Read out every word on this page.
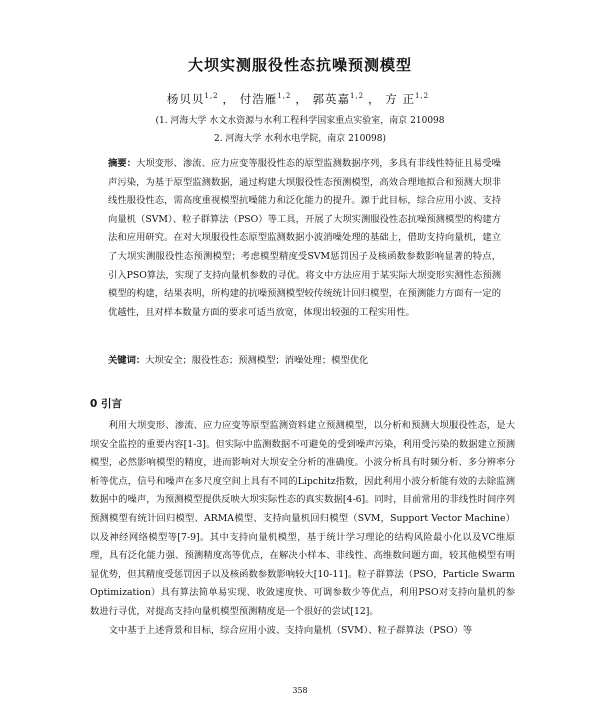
大坝实测服役性态抗噪预测模型
杨贝贝$^{1,2}$ ， 付浩雁$^{1,2}$ ， 郭英嘉$^{1,2}$ ， 方 正$^{1,2}$
(1. 河海大学 水文水资源与水利工程科学国家重点实验室，南京 210098
2. 河海大学 水利水电学院，南京 210098)
摘要：大坝变形、渗流、应力应变等服役性态的原型监测数据序列，多具有非线性特征且易受噪声污染，为基于原型监测数据，通过构建大坝服役性态预测模型，高效合理地拟合和预测大坝非线性服役性态，需高度重视模型抗噪能力和泛化能力的提升。源于此目标，综合应用小波、支持向量机（SVM）、粒子群算法（PSO）等工具，开展了大坝实测服役性态抗噪预测模型的构建方法和应用研究。在对大坝服役性态原型监测数据小波消噪处理的基础上，借助支持向量机，建立了大坝实测服役性态预测模型；考虑模型精度受SVM惩罚因子及核函数参数影响显著的特点，引入PSO算法，实现了支持向量机参数的寻优。将文中方法应用于某实际大坝变形实测性态预测模型的构建，结果表明，所构建的抗噪预测模型较传统统计回归模型，在预测能力方面有一定的优越性，且对样本数量方面的要求可适当放宽，体现出较强的工程实用性。
关键词：大坝安全；服役性态；预测模型；消噪处理；模型优化
0 引言

利用大坝变形、渗流、应力应变等原型监测资料建立预测模型，以分析和预测大坝服役性态，是大坝安全监控的重要内容[1-3]。但实际中监测数据不可避免的受到噪声污染，利用受污染的数据建立预测模型，必然影响模型的精度，进而影响对大坝安全分析的准确度。小波分析具有时频分析、多分辨率分析等优点，信号和噪声在多尺度空间上具有不同的Lipchitz指数，因此利用小波分析能有效的去除监测数据中的噪声，为预测模型提供反映大坝实际性态的真实数据[4-6]。同时，目前常用的非线性时间序列预测模型有统计回归模型、ARMA模型、支持向量机回归模型（SVM，Support Vector Machine）以及神经网络模型等[7-9]。其中支持向量机模型，基于统计学习理论的结构风险最小化以及VC维原理，具有泛化能力强、预测精度高等优点，在解决小样本、非线性、高维数问题方面，较其他模型有明显优势，但其精度受惩罚因子以及核函数参数影响较大[10-11]。粒子群算法（PSO，Particle Swarm Optimization）具有算法简单易实现、收敛速度快、可调参数少等优点，利用PSO对支持向量机的参数进行寻优，对提高支持向量机模型预测精度是一个很好的尝试[12]。

文中基于上述背景和目标，综合应用小波、支持向量机（SVM）、粒子群算法（PSO）等

358
